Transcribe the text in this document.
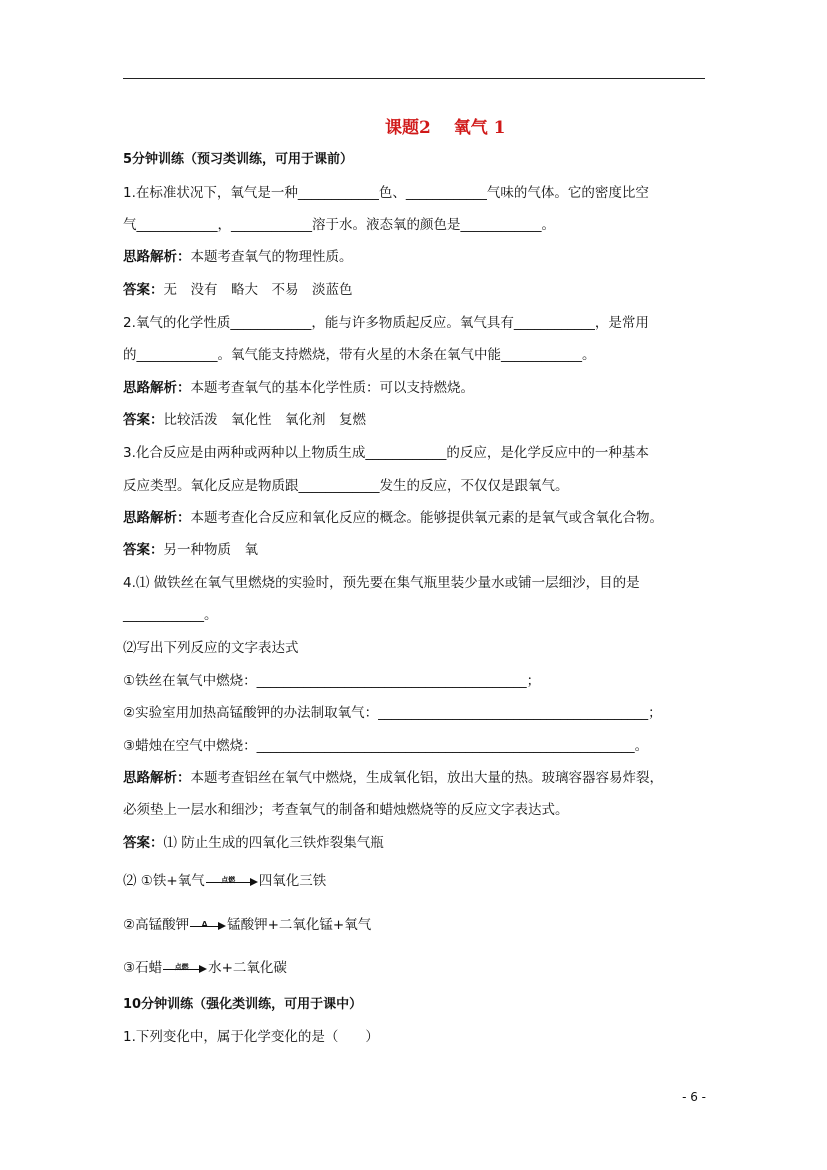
课题2　 氧气 1
5分钟训练（预习类训练，可用于课前）
1.在标准状况下，氧气是一种____________色、____________气味的气体。它的密度比空
气____________，____________溶于水。液态氧的颜色是____________。
思路解析：本题考查氧气的物理性质。
答案：无　没有　略大　不易　淡蓝色
2.氧气的化学性质____________，能与许多物质起反应。氧气具有____________，是常用
的____________。氧气能支持燃烧，带有火星的木条在氧气中能____________。
思路解析：本题考查氧气的基本化学性质：可以支持燃烧。
答案：比较活泼　氧化性　氧化剂　复燃
3.化合反应是由两种或两种以上物质生成____________的反应，是化学反应中的一种基本
反应类型。氧化反应是物质跟____________发生的反应，不仅仅是跟氧气。
思路解析：本题考查化合反应和氧化反应的概念。能够提供氧元素的是氧气或含氧化合物。
答案：另一种物质　氧
4.⑴ 做铁丝在氧气里燃烧的实验时，预先要在集气瓶里装少量水或铺一层细沙，目的是
____________。
⑵写出下列反应的文字表达式
①铁丝在氧气中燃烧：________________________________________；
②实验室用加热高锰酸钾的办法制取氧气：________________________________________；
③蜡烛在空气中燃烧：________________________________________________________。
思路解析：本题考查铝丝在氧气中燃烧，生成氧化铝，放出大量的热。玻璃容器容易炸裂，
必须垫上一层水和细沙；考查氧气的制备和蜡烛燃烧等的反应文字表达式。
答案：⑴ 防止生成的四氧化三铁炸裂集气瓶
⑵ ①铁+氧气	点燃	四氧化三铁
②高锰酸钾	Δ	锰酸钾+二氧化锰+氧气
③石蜡	点燃	水+二氧化碳
10分钟训练（强化类训练，可用于课中）
1.下列变化中，属于化学变化的是（　　）
- 6 -
